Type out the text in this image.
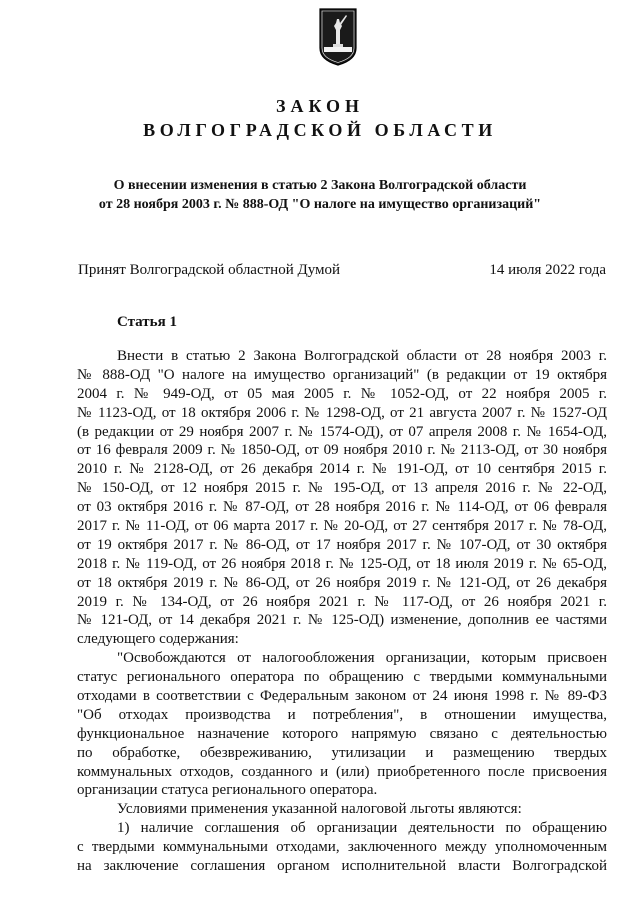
ЗАКОН
ВОЛГОГРАДСКОЙ ОБЛАСТИ
О внесении изменения в статью 2 Закона Волгоградской области
от 28 ноября 2003 г. № 888-ОД "О налоге на имущество организаций"
Принят Волгоградской областной Думой	14 июля 2022 года
Статья 1
Внести в статью 2 Закона Волгоградской области от 28 ноября 2003 г.
№ 888-ОД "О налоге на имущество организаций" (в редакции от 19 октября
2004 г. № 949-ОД, от 05 мая 2005 г. № 1052-ОД, от 22 ноября 2005 г.
№ 1123-ОД, от 18 октября 2006 г. № 1298-ОД, от 21 августа 2007 г. № 1527-ОД
(в редакции от 29 ноября 2007 г. № 1574-ОД), от 07 апреля 2008 г. № 1654-ОД,
от 16 февраля 2009 г. № 1850-ОД, от 09 ноября 2010 г. № 2113-ОД, от 30 ноября
2010 г. № 2128-ОД, от 26 декабря 2014 г. № 191-ОД, от 10 сентября 2015 г.
№ 150-ОД, от 12 ноября 2015 г. № 195-ОД, от 13 апреля 2016 г. № 22-ОД,
от 03 октября 2016 г. № 87-ОД, от 28 ноября 2016 г. № 114-ОД, от 06 февраля
2017 г. № 11-ОД, от 06 марта 2017 г. № 20-ОД, от 27 сентября 2017 г. № 78-ОД,
от 19 октября 2017 г. № 86-ОД, от 17 ноября 2017 г. № 107-ОД, от 30 октября
2018 г. № 119-ОД, от 26 ноября 2018 г. № 125-ОД, от 18 июля 2019 г. № 65-ОД,
от 18 октября 2019 г. № 86-ОД, от 26 ноября 2019 г. № 121-ОД, от 26 декабря
2019 г. № 134-ОД, от 26 ноября 2021 г. № 117-ОД, от 26 ноября 2021 г.
№ 121-ОД, от 14 декабря 2021 г. № 125-ОД) изменение, дополнив ее частями
следующего содержания:
"Освобождаются от налогообложения организации, которым присвоен
статус регионального оператора по обращению с твердыми коммунальными
отходами в соответствии с Федеральным законом от 24 июня 1998 г. № 89-ФЗ
"Об отходах производства и потребления", в отношении имущества,
функциональное назначение которого напрямую связано с деятельностью
по обработке, обезвреживанию, утилизации и размещению твердых
коммунальных отходов, созданного и (или) приобретенного после присвоения
организации статуса регионального оператора.
Условиями применения указанной налоговой льготы являются:
1) наличие соглашения об организации деятельности по обращению
с твердыми коммунальными отходами, заключенного между уполномоченным
на заключение соглашения органом исполнительной власти Волгоградской
